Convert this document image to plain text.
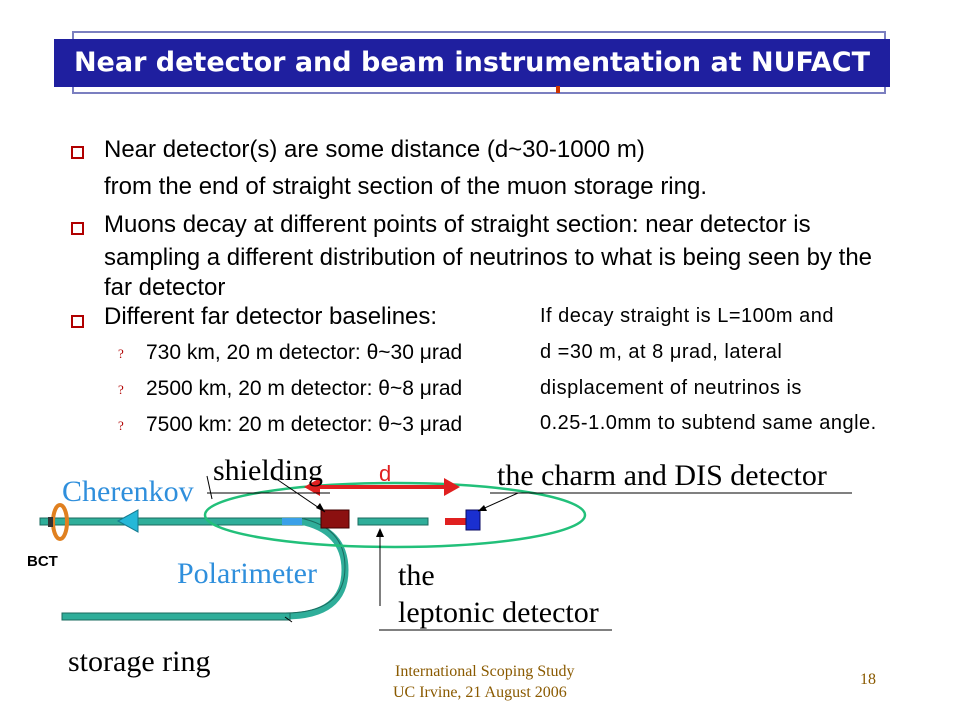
Near detector and beam instrumentation at NUFACT
Near detector(s) are some distance (d~30-1000 m)
from the end of straight section of the muon storage ring.
Muons decay at different points of straight section: near detector is
sampling a different distribution of neutrinos to what is being seen by the
far detector
Different far detector baselines:
? 730 km, 20 m detector: θ~30 μrad
? 2500 km, 20 m detector: θ~8 μrad
? 7500 km: 20 m detector: θ~3 μrad
If decay straight is L=100m and
d =30 m, at 8 μrad, lateral
displacement of neutrinos is
0.25-1.0mm to subtend same angle.
Cherenkov
shielding	d	the charm and DIS detector
BCT	Polarimeter	the
leptonic detector
storage ring	International Scoping Study
UC Irvine, 21 August 2006
18
